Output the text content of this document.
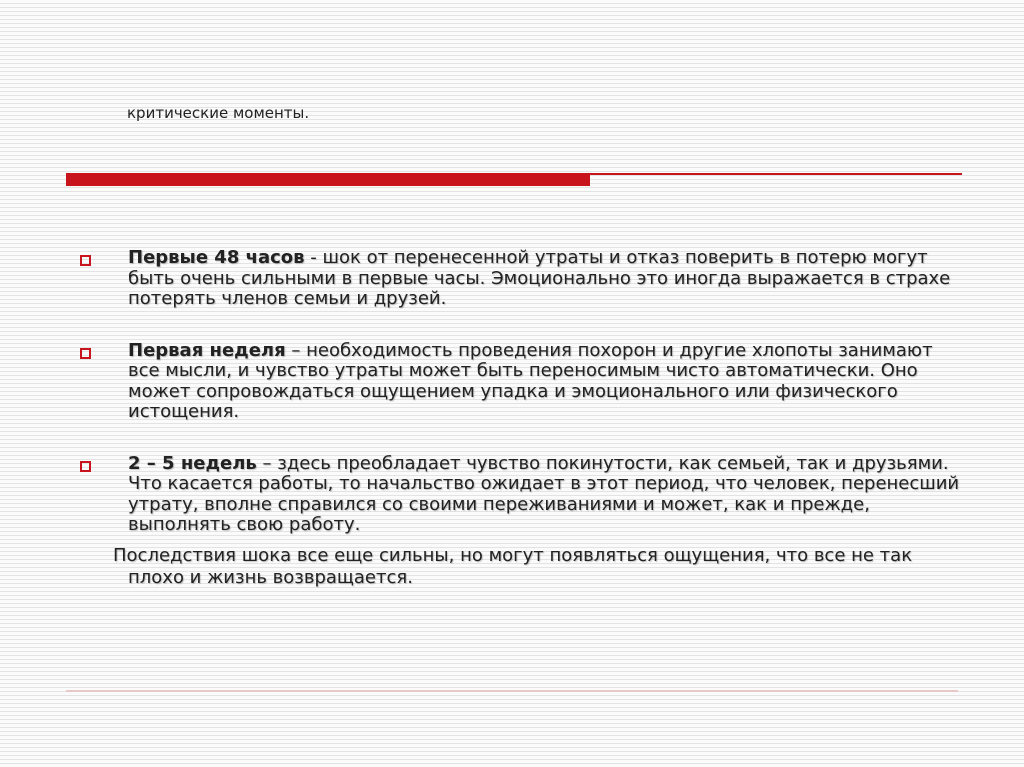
критические моменты.
Первые 48 часов - шок от перенесенной утраты и отказ поверить в потерю могут быть очень сильными в первые часы. Эмоционально это иногда выражается в страхе потерять членов семьи и друзей.
Первая неделя – необходимость проведения похорон и другие хлопоты занимают все мысли, и чувство утраты может быть переносимым чисто автоматически. Оно может сопровождаться ощущением упадка и эмоционального или физического истощения.
2 – 5 недель – здесь преобладает чувство покинутости, как семьей, так и друзьями. Что касается работы, то начальство ожидает в этот период, что человек, перенесший утрату, вполне справился со своими переживаниями и может, как и прежде, выполнять свою работу.
Последствия шока все еще сильны, но могут появляться ощущения, что все не так плохо и жизнь возвращается.
